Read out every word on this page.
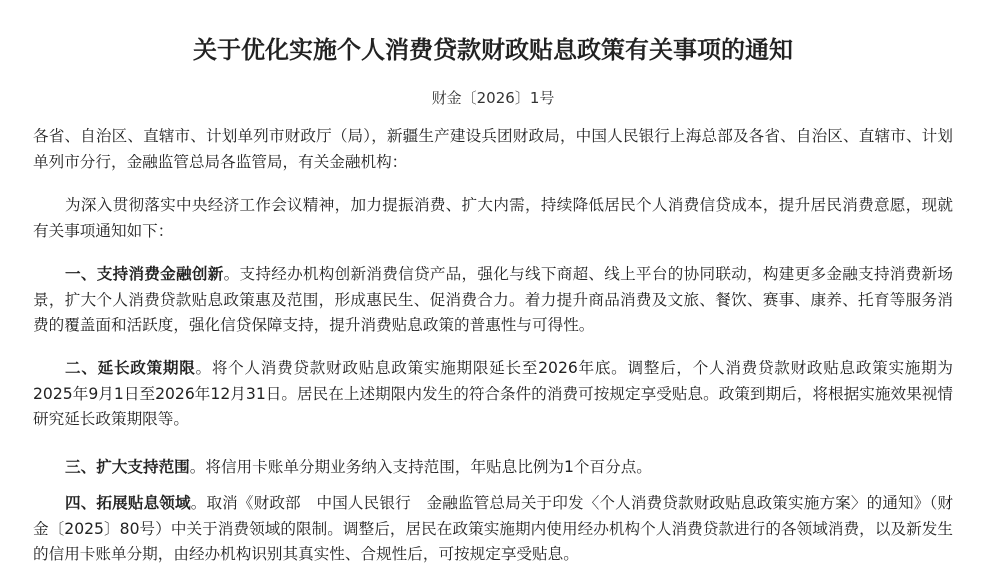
关于优化实施个人消费贷款财政贴息政策有关事项的通知
财金〔2026〕1号

各省、自治区、直辖市、计划单列市财政厅（局），新疆生产建设兵团财政局，中国人民银行上海总部及各省、自治区、直辖市、计划单列市分行，金融监管总局各监管局，有关金融机构：

为深入贯彻落实中央经济工作会议精神，加力提振消费、扩大内需，持续降低居民个人消费信贷成本，提升居民消费意愿，现就有关事项通知如下：

一、支持消费金融创新。支持经办机构创新消费信贷产品，强化与线下商超、线上平台的协同联动，构建更多金融支持消费新场景，扩大个人消费贷款贴息政策惠及范围，形成惠民生、促消费合力。着力提升商品消费及文旅、餐饮、赛事、康养、托育等服务消费的覆盖面和活跃度，强化信贷保障支持，提升消费贴息政策的普惠性与可得性。

二、延长政策期限。将个人消费贷款财政贴息政策实施期限延长至2026年底。调整后，个人消费贷款财政贴息政策实施期为2025年9月1日至2026年12月31日。居民在上述期限内发生的符合条件的消费可按规定享受贴息。政策到期后，将根据实施效果视情研究延长政策期限等。

三、扩大支持范围。将信用卡账单分期业务纳入支持范围，年贴息比例为1个百分点。

四、拓展贴息领域。取消《财政部　中国人民银行　金融监管总局关于印发〈个人消费贷款财政贴息政策实施方案〉的通知》（财金〔2025〕80号）中关于消费领域的限制。调整后，居民在政策实施期内使用经办机构个人消费贷款进行的各领域消费，以及新发生的信用卡账单分期，由经办机构识别其真实性、合规性后，可按规定享受贴息。
